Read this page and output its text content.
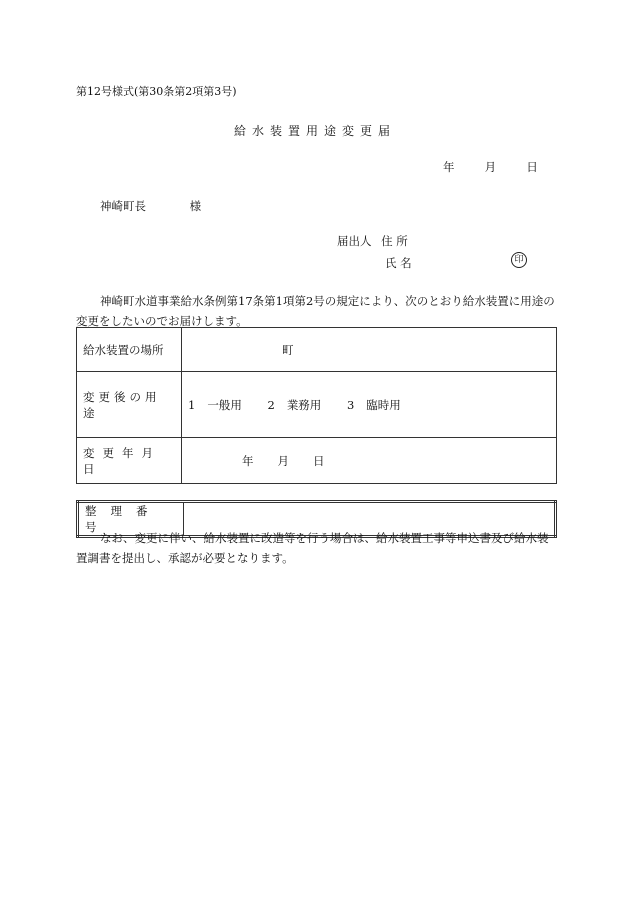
第12号様式(第30条第2項第3号)
給水装置用途変更届
年	月	日
神崎町長	様
届出人 住 所
氏 名	印
神崎町水道事業給水条例第17条第1項第2号の規定により、次のとおり給水装置に用途の変更をしたいのでお届けします。
給水装置の場所	町
変更後の用途	1 一般用 2 業務用 3 臨時用
変更年月日	年 月 日
整理番号	
なお、変更に伴い、給水装置に改造等を行う場合は、給水装置工事等申込書及び給水装置調書を提出し、承認が必要となります。
